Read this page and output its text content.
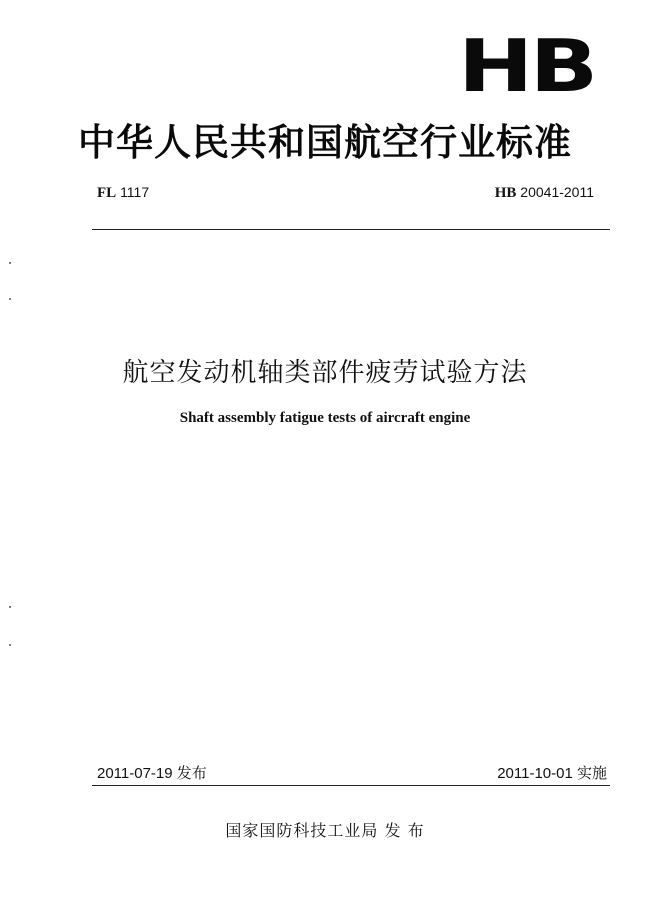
HB
中华人民共和国航空行业标准
FL 1117	HB 20041-2011
航空发动机轴类部件疲劳试验方法
Shaft assembly fatigue tests of aircraft engine
2011-07-19 发布	2011-10-01 实施
国家国防科技工业局 发 布
